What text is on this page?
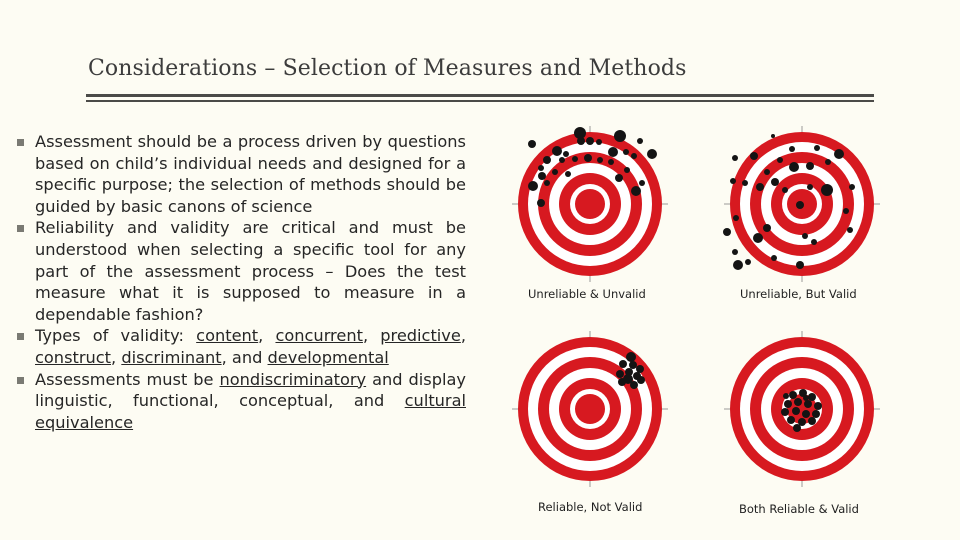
Considerations – Selection of Measures and Methods
Assessment should be a process driven by questions based on child’s individual needs and designed for a specific purpose; the selection of methods should be guided by basic canons of science
Reliability and validity are critical and must be understood when selecting a specific tool for any part of the assessment process – Does the test measure what it is supposed to measure in a dependable fashion?
Types of validity: content, concurrent, predictive, construct, discriminant, and developmental
Assessments must be nondiscriminatory and display linguistic, functional, conceptual, and cultural equivalence
Unreliable & Unvalid	Unreliable, But Valid
Reliable, Not Valid	Both Reliable & Valid
